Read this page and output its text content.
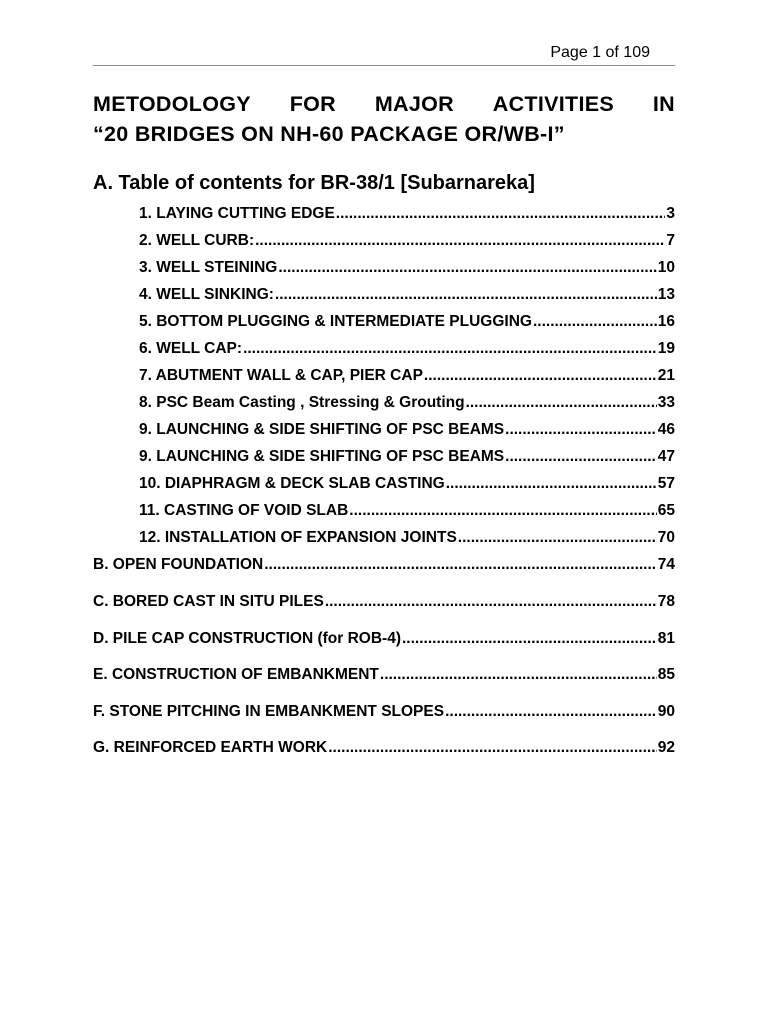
Page 1 of 109
METODOLOGY FOR MAJOR ACTIVITIES IN
“20 BRIDGES ON NH-60 PACKAGE OR/WB-I”
A. Table of contents for BR-38/1 [Subarnareka]
1. LAYING CUTTING EDGE .....	3
2. WELL CURB: .....	7
3. WELL STEINING .....	10
4. WELL SINKING: .....	13
5. BOTTOM PLUGGING & INTERMEDIATE PLUGGING .....	16
6. WELL CAP: .....	19
7. ABUTMENT WALL & CAP, PIER CAP .....	21
8. PSC Beam Casting , Stressing & Grouting .....	33
9. LAUNCHING & SIDE SHIFTING OF PSC BEAMS .....	46
9. LAUNCHING & SIDE SHIFTING OF PSC BEAMS .....	47
10. DIAPHRAGM & DECK SLAB CASTING .....	57
11. CASTING OF VOID SLAB .....	65
12. INSTALLATION OF EXPANSION JOINTS .....	70
B. OPEN FOUNDATION .....	74
C. BORED CAST IN SITU PILES .....	78
D. PILE CAP CONSTRUCTION (for ROB-4) .....	81
E. CONSTRUCTION OF EMBANKMENT .....	85
F. STONE PITCHING IN EMBANKMENT SLOPES .....	90
G. REINFORCED EARTH WORK .....	92
